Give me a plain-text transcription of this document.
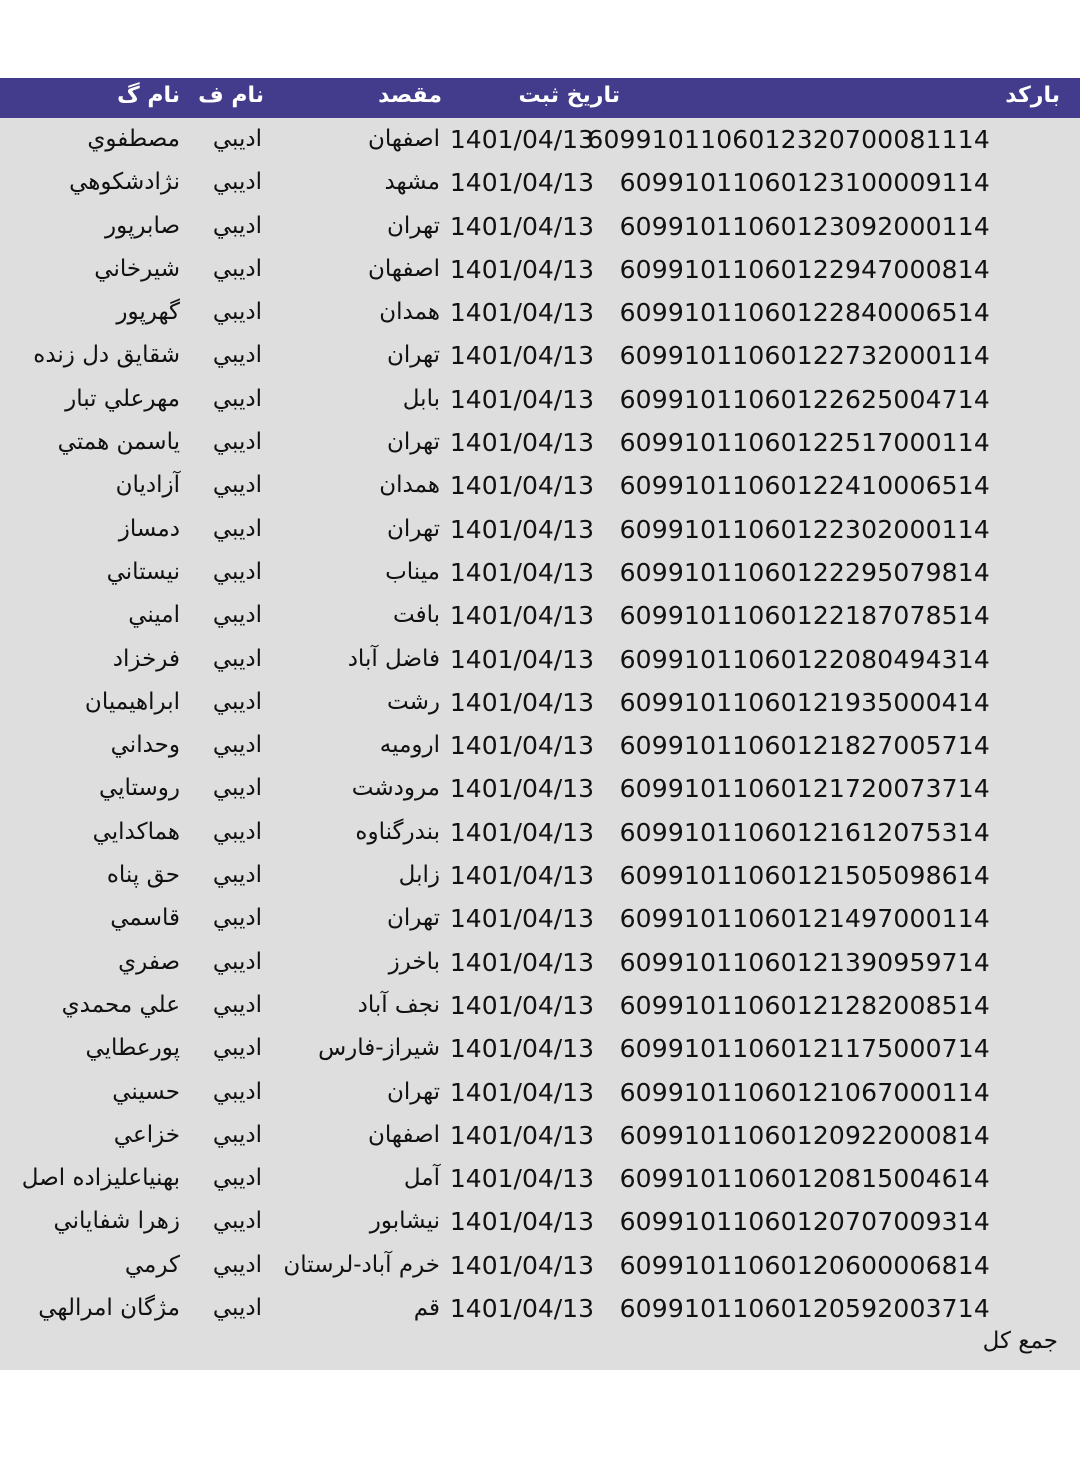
بارکد
تاريخ ثبت
مقصد
نام ف
نام گ
6099101106012320700081114
1401/04/13
اصفهان
اديبي
مصطفوي
60991011060123100009114
1401/04/13
مشهد
اديبي
نژادشكوهي
60991011060123092000114
1401/04/13
تهران
اديبي
صابرپور
60991011060122947000814
1401/04/13
اصفهان
اديبي
شيرخاني
60991011060122840006514
1401/04/13
همدان
اديبي
گهرپور
60991011060122732000114
1401/04/13
تهران
اديبي
شقايق دل زنده
60991011060122625004714
1401/04/13
بابل
اديبي
مهرعلي تبار
60991011060122517000114
1401/04/13
تهران
اديبي
ياسمن همتي
60991011060122410006514
1401/04/13
همدان
اديبي
آزاديان
60991011060122302000114
1401/04/13
تهران
اديبي
دمساز
60991011060122295079814
1401/04/13
ميناب
اديبي
نيستاني
60991011060122187078514
1401/04/13
بافت
اديبي
اميني
60991011060122080494314
1401/04/13
فاضل آباد
اديبي
فرخزاد
60991011060121935000414
1401/04/13
رشت
اديبي
ابراهيميان
60991011060121827005714
1401/04/13
اروميه
اديبي
وحداني
60991011060121720073714
1401/04/13
مرودشت
اديبي
روستايي
60991011060121612075314
1401/04/13
بندرگناوه
اديبي
هماكدايي
60991011060121505098614
1401/04/13
زابل
اديبي
حق پناه
60991011060121497000114
1401/04/13
تهران
اديبي
قاسمي
60991011060121390959714
1401/04/13
باخرز
اديبي
صفري
60991011060121282008514
1401/04/13
نجف آباد
اديبي
علي محمدي
60991011060121175000714
1401/04/13
شيراز-فارس
اديبي
پورعطايي
60991011060121067000114
1401/04/13
تهران
اديبي
حسيني
60991011060120922000814
1401/04/13
اصفهان
اديبي
خزاعي
60991011060120815004614
1401/04/13
آمل
اديبي
بهنياعليزاده اصل
60991011060120707009314
1401/04/13
نيشابور
اديبي
زهرا شفاياني
60991011060120600006814
1401/04/13
خرم آباد-لرستان
اديبي
كرمي
60991011060120592003714
1401/04/13
قم
اديبي
مژگان امرالهي
جمع كل
